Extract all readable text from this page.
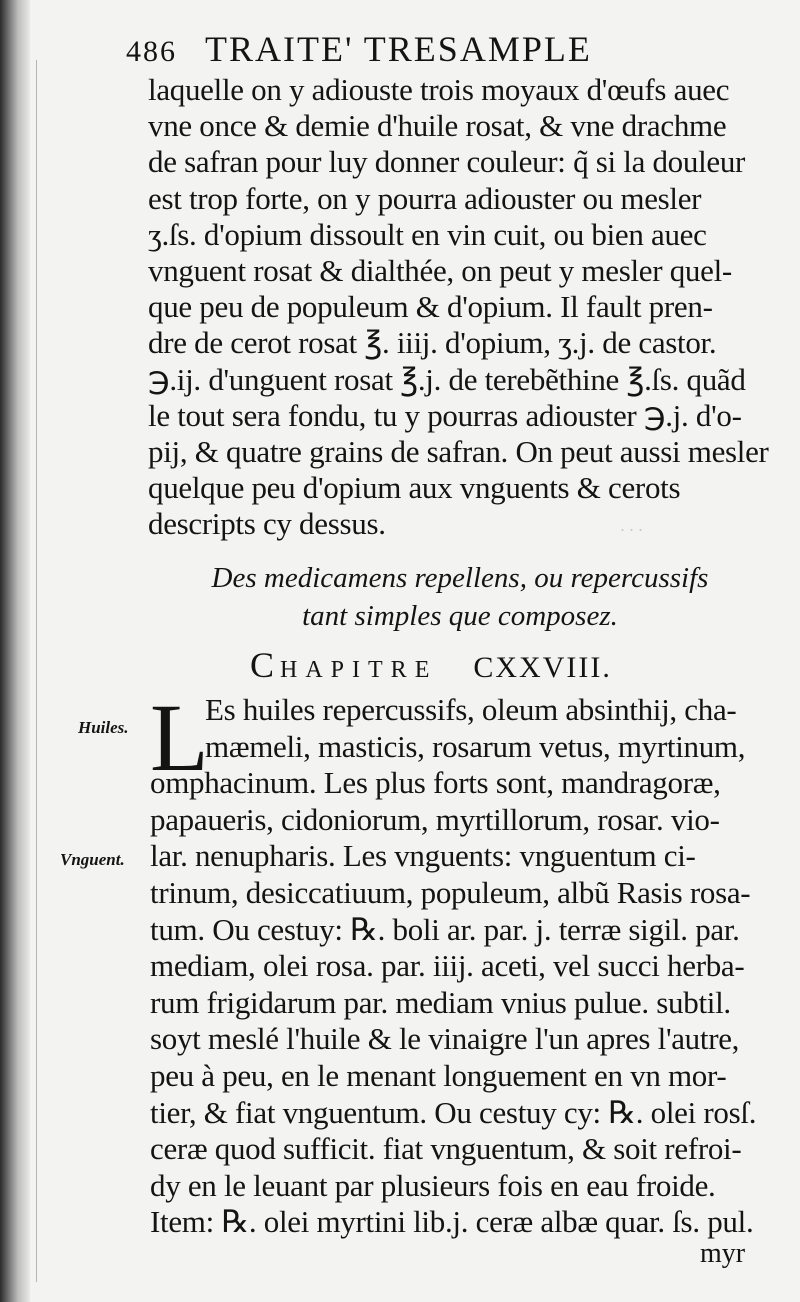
· · ·
486 TRAITE' TRESAMPLE
laquelle on y adiouste trois moyaux d'œufs auec
vne once & demie d'huile rosat, & vne drachme
de safran pour luy donner couleur: q̃ si la douleur
est trop forte, on y pourra adiouster ou mesler
ʒ.ſs. d'opium dissoult en vin cuit, ou bien auec
vnguent rosat & dialthée, on peut y mesler quel-
que peu de populeum & d'opium. Il fault pren-
dre de cerot rosat ℥. iiij. d'opium, ʒ.j. de castor.
℈.ij. d'unguent rosat ℥.j. de terebẽthine ℥.ſs. quãd
le tout sera fondu, tu y pourras adiouster ℈.j. d'o-
pij, & quatre grains de safran. On peut aussi mesler
quelque peu d'opium aux vnguents & cerots
descripts cy dessus.
Des medicamens repellens, ou repercussifs
tant simples que composez.
CHAPITRE CXXVIII.
Huiles.
Vnguent.
L
Es huiles repercussifs, oleum absinthij, cha-
mæmeli, masticis, rosarum vetus, myrtinum,
omphacinum. Les plus forts sont, mandragoræ,
papaueris, cidoniorum, myrtillorum, rosar. vio-
lar. nenupharis. Les vnguents: vnguentum ci-
trinum, desiccatiuum, populeum, albũ Rasis rosa-
tum. Ou cestuy: ℞. boli ar. par. j. terræ sigil. par.
mediam, olei rosa. par. iiij. aceti, vel succi herba-
rum frigidarum par. mediam vnius pulue. subtil.
soyt meslé l'huile & le vinaigre l'un apres l'autre,
peu à peu, en le menant longuement en vn mor-
tier, & fiat vnguentum. Ou cestuy cy: ℞. olei rosſ.
ceræ quod sufficit. fiat vnguentum, & soit refroi-
dy en le leuant par plusieurs fois en eau froide.
Item: ℞. olei myrtini lib.j. ceræ albæ quar. ſs. pul.
myr
